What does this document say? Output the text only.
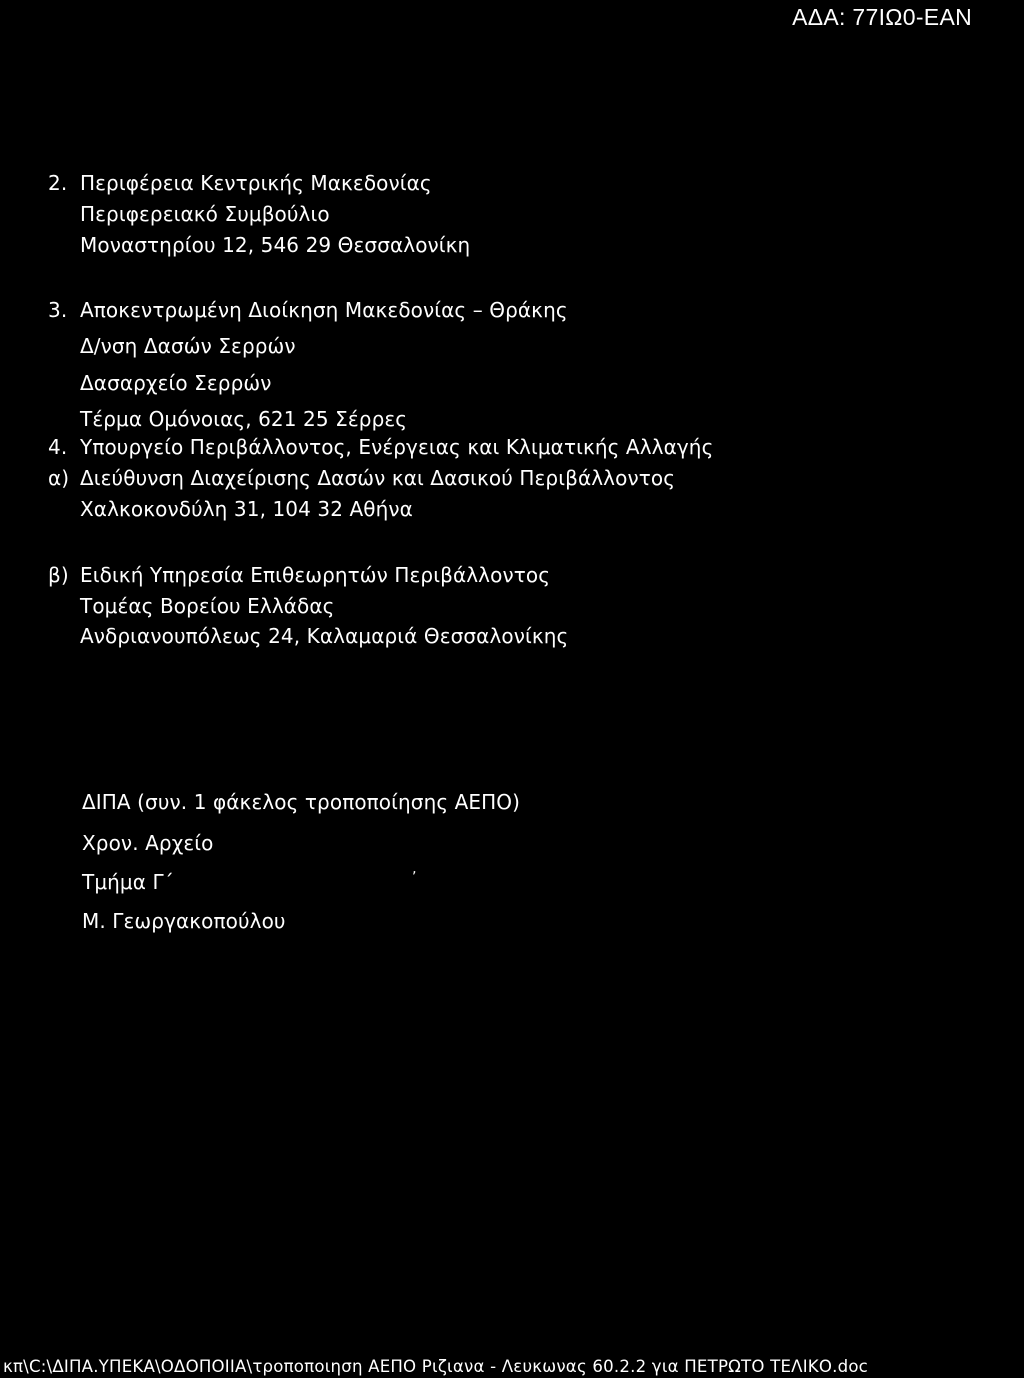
ΑΔΑ: 77ΙΩ0-ΕΑΝ
2. Περιφέρεια Κεντρικής Μακεδονίας
Περιφερειακό Συμβούλιο
Μοναστηρίου 12, 546 29 Θεσσαλονίκη
3. Αποκεντρωμένη Διοίκηση Μακεδονίας – Θράκης
Δ/νση Δασών Σερρών
Δασαρχείο Σερρών
Τέρμα Ομόνοιας, 621 25 Σέρρες
4. Υπουργείο Περιβάλλοντος, Ενέργειας και Κλιματικής Αλλαγής
α) Διεύθυνση Διαχείρισης Δασών και Δασικού Περιβάλλοντος
Χαλκοκονδύλη 31, 104 32 Αθήνα
β) Ειδική Υπηρεσία Επιθεωρητών Περιβάλλοντος
Τομέας Βορείου Ελλάδας
Ανδριανουπόλεως 24, Καλαμαριά Θεσσαλονίκης
ΔΙΠΑ (συν. 1 φάκελος τροποποίησης ΑΕΠΟ)
Χρον. Αρχείο
Τμήμα Γ΄
Μ. Γεωργακοπούλου
‚
κπ\C:\ΔΙΠΑ.ΥΠΕΚΑ\ΟΔΟΠΟΙΙΑ\τροποποιηση ΑΕΠΟ Ριζιανα - Λευκωνας 60.2.2 για ΠΕΤΡΩΤΟ ΤΕΛΙΚΟ.doc
